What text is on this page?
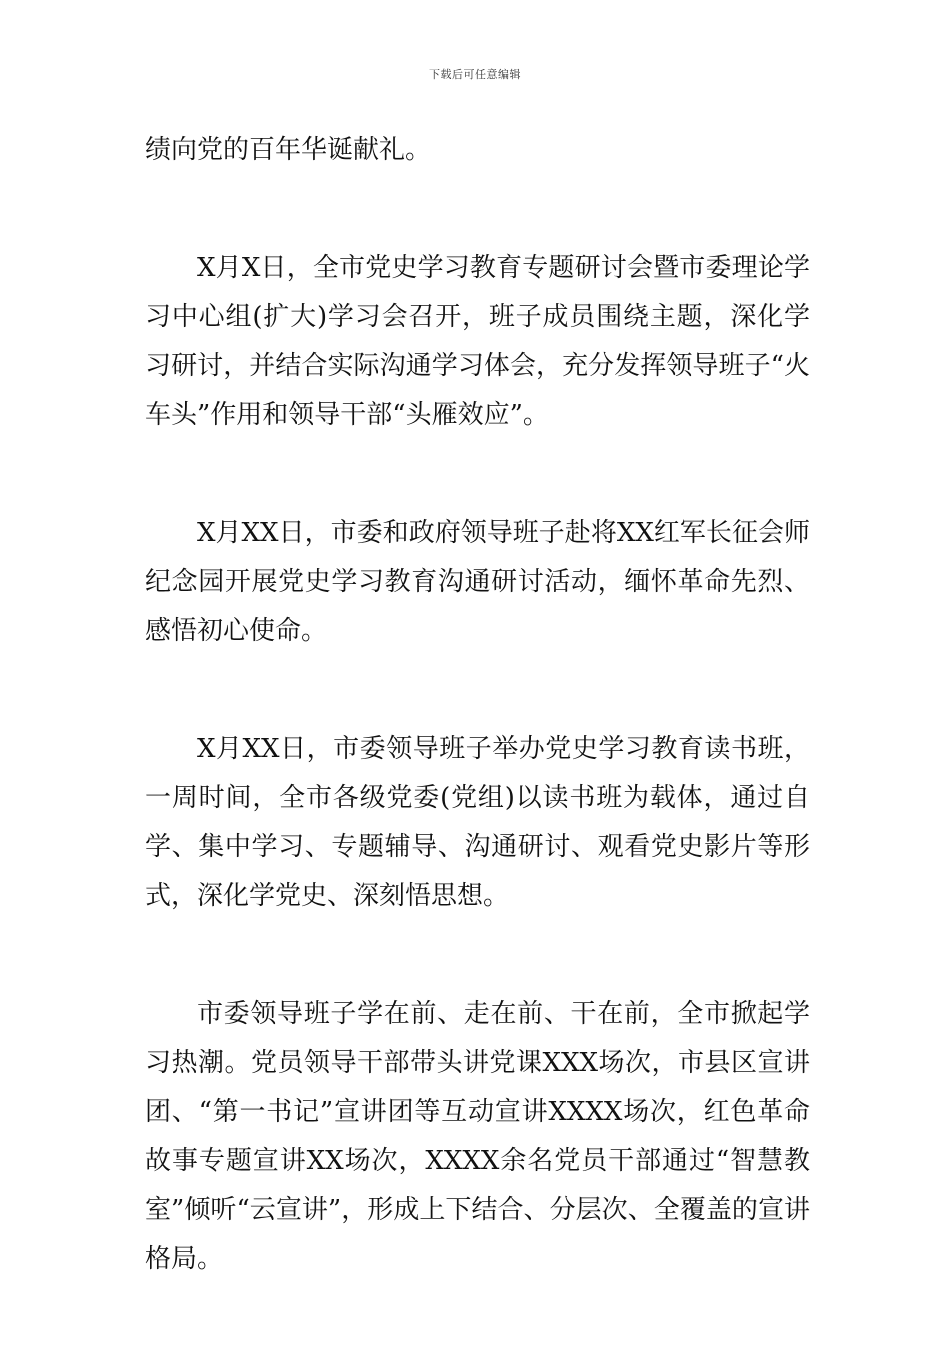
下载后可任意编辑

绩向党的百年华诞献礼。

X月X日，全市党史学习教育专题研讨会暨市委理论学习中心组(扩大)学习会召开，班子成员围绕主题，深化学习研讨，并结合实际沟通学习体会，充分发挥领导班子“火车头”作用和领导干部“头雁效应”。

X月XX日，市委和政府领导班子赴将XX红军长征会师纪念园开展党史学习教育沟通研讨活动，缅怀革命先烈、感悟初心使命。

X月XX日，市委领导班子举办党史学习教育读书班，一周时间，全市各级党委(党组)以读书班为载体，通过自学、集中学习、专题辅导、沟通研讨、观看党史影片等形式，深化学党史、深刻悟思想。

市委领导班子学在前、走在前、干在前，全市掀起学习热潮。党员领导干部带头讲党课XXX场次，市县区宣讲团、“第一书记”宣讲团等互动宣讲XXXX场次，红色革命故事专题宣讲XX场次，XXXX余名党员干部通过“智慧教室”倾听“云宣讲”，形成上下结合、分层次、全覆盖的宣讲格局。
